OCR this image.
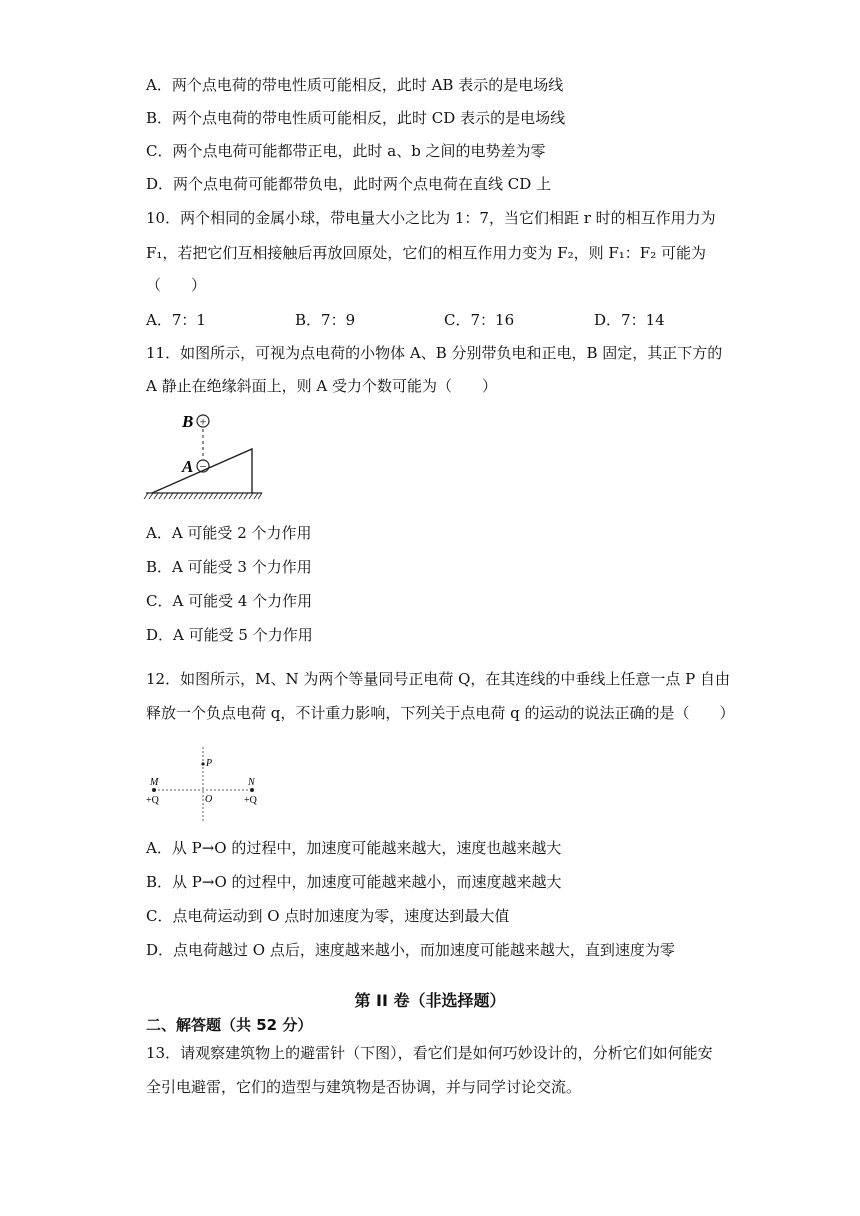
A．两个点电荷的带电性质可能相反，此时 AB 表示的是电场线
B．两个点电荷的带电性质可能相反，此时 CD 表示的是电场线
C．两个点电荷可能都带正电，此时 a、b 之间的电势差为零
D．两个点电荷可能都带负电，此时两个点电荷在直线 CD 上
10．两个相同的金属小球，带电量大小之比为 1：7，当它们相距 r 时的相互作用力为
F₁，若把它们互相接触后再放回原处，它们的相互作用力变为 F₂，则 F₁：F₂ 可能为
（　　）
A．7：1	B．7：9	C．7：16	D．7：14
11．如图所示，可视为点电荷的小物体 A、B 分别带负电和正电，B 固定，其正下方的
A 静止在绝缘斜面上，则 A 受力个数可能为（　　）
B +
A −
A．A 可能受 2 个力作用
B．A 可能受 3 个力作用
C．A 可能受 4 个力作用
D．A 可能受 5 个力作用
12．如图所示，M、N 为两个等量同号正电荷 Q，在其连线的中垂线上任意一点 P 自由
释放一个负点电荷 q，不计重力影响，下列关于点电荷 q 的运动的说法正确的是（　　）
M	N
P
O
+Q	+Q
A．从 P→O 的过程中，加速度可能越来越大，速度也越来越大
B．从 P→O 的过程中，加速度可能越来越小，而速度越来越大
C．点电荷运动到 O 点时加速度为零，速度达到最大值
D．点电荷越过 O 点后，速度越来越小，而加速度可能越来越大，直到速度为零
第 II 卷（非选择题）
二、解答题（共 52 分）
13．请观察建筑物上的避雷针（下图），看它们是如何巧妙设计的，分析它们如何能安
全引电避雷，它们的造型与建筑物是否协调，并与同学讨论交流。
